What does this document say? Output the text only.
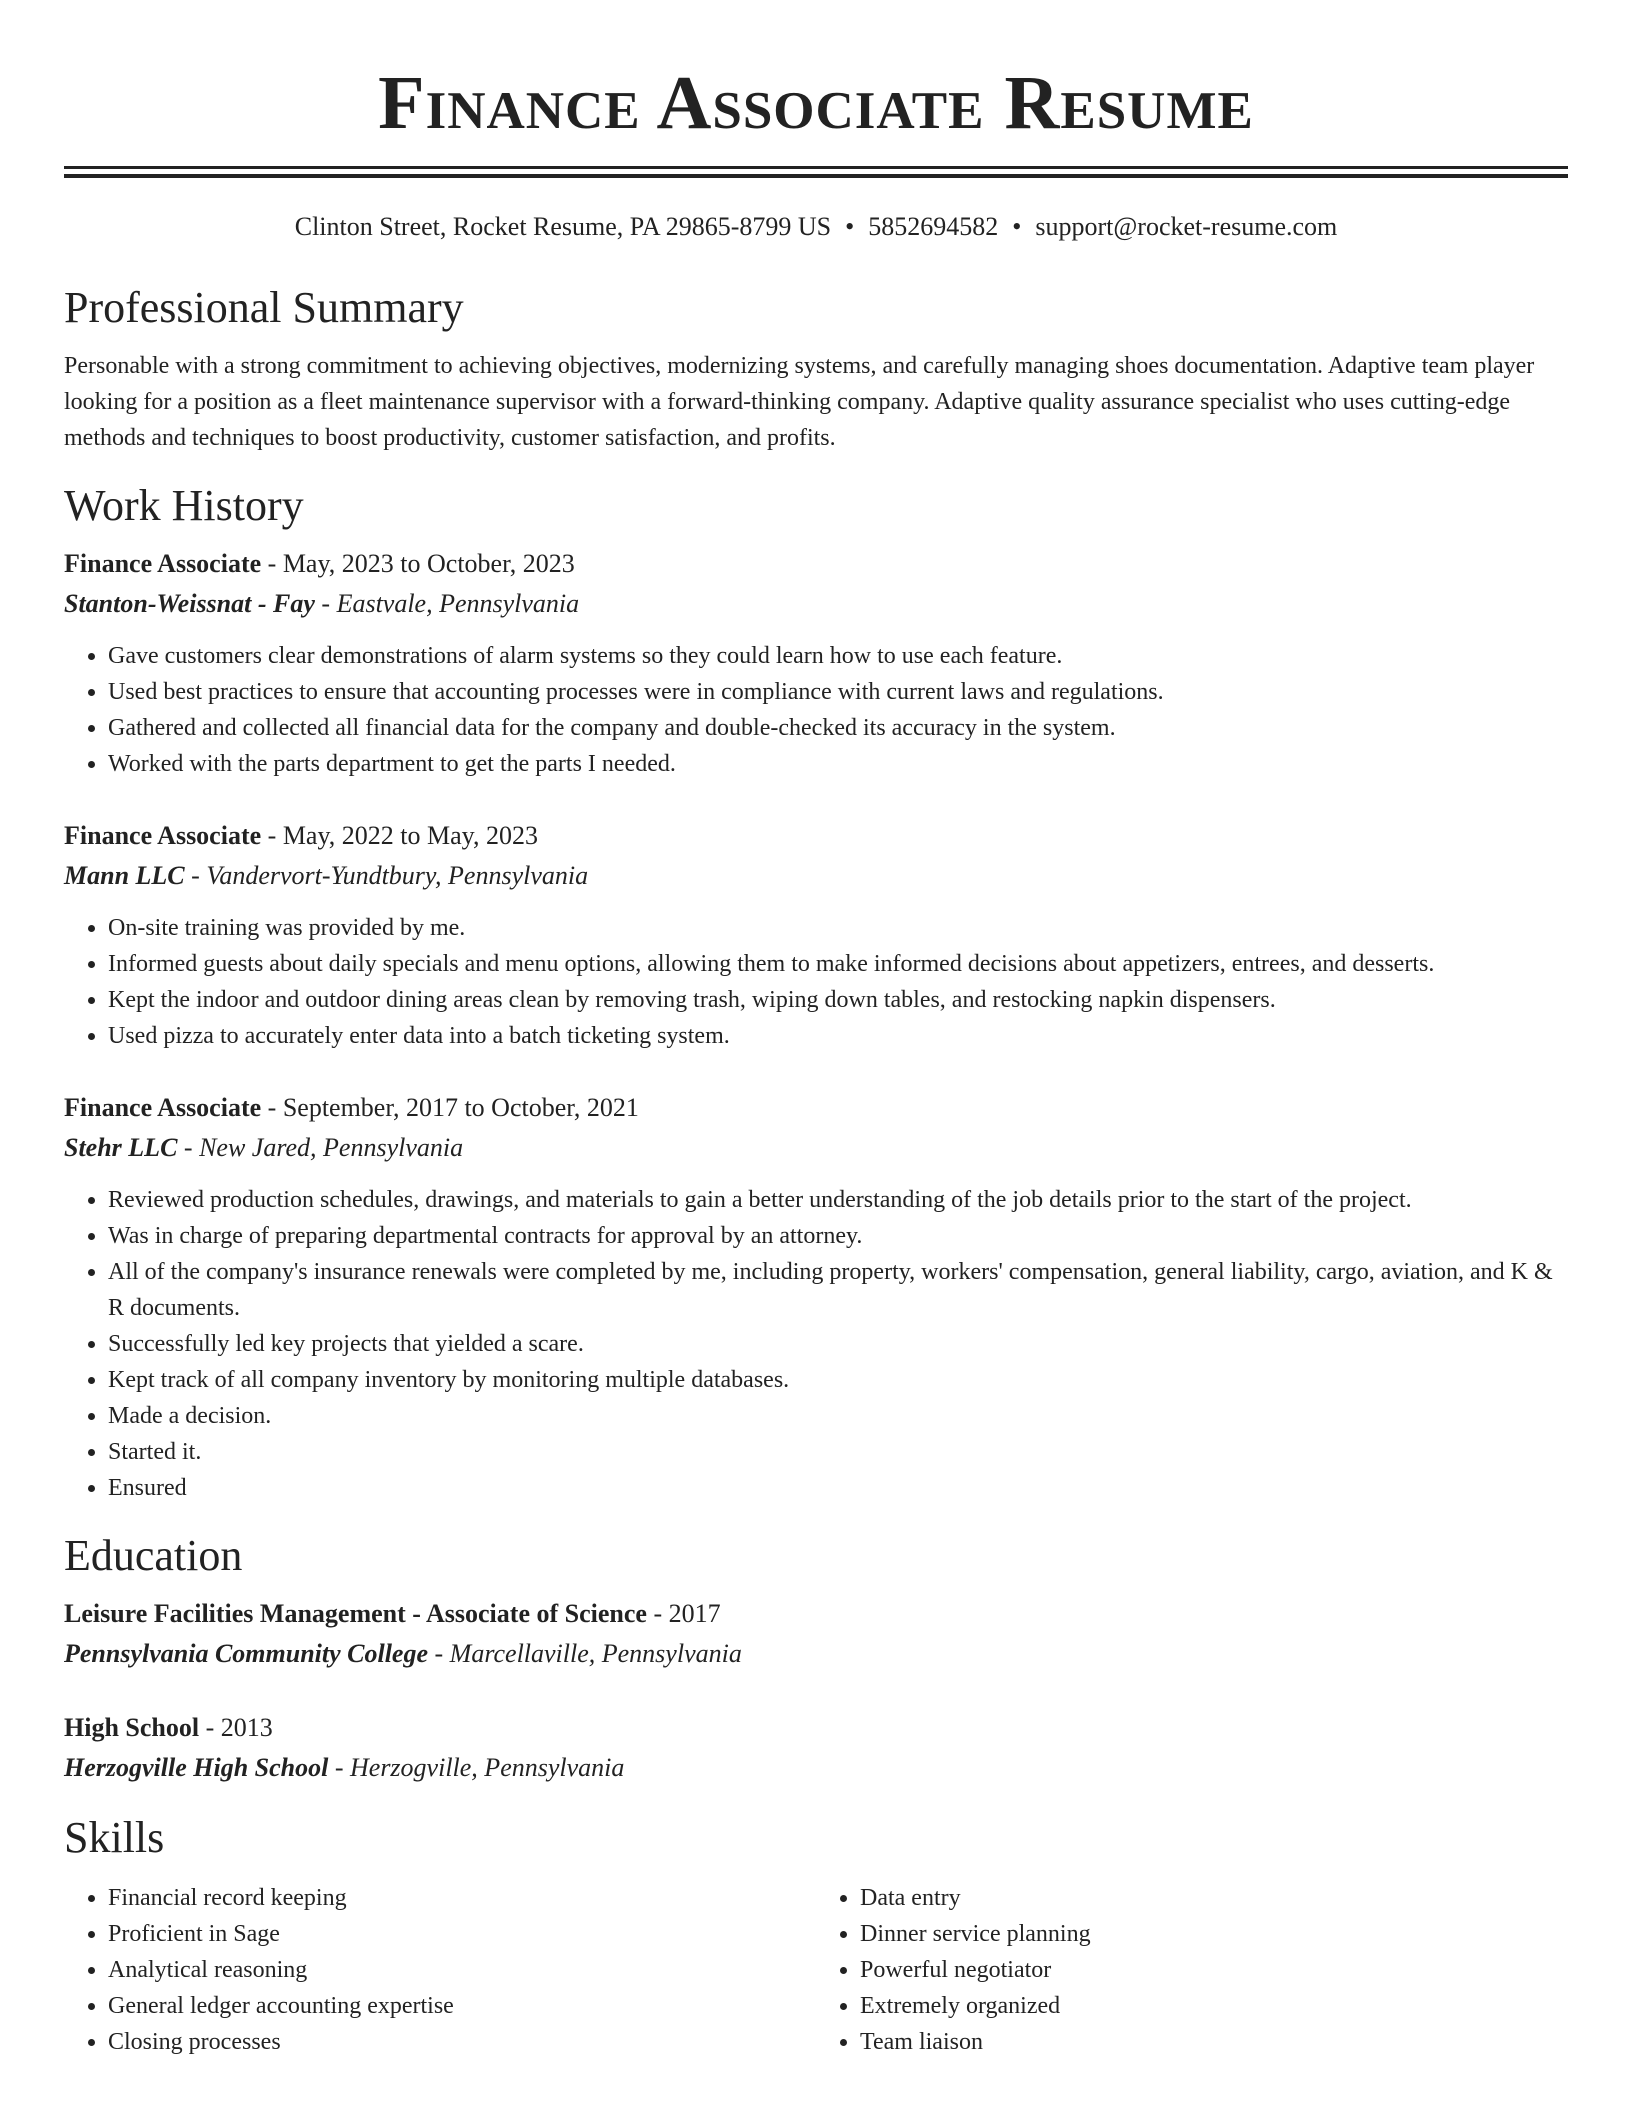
Finance Associate Resume
Clinton Street, Rocket Resume, PA 29865-8799 US • 5852694582 • support@rocket-resume.com
Professional Summary

Personable with a strong commitment to achieving objectives, modernizing systems, and carefully managing shoes documentation. Adaptive team player looking for a position as a fleet maintenance supervisor with a forward-thinking company. Adaptive quality assurance specialist who uses cutting-edge methods and techniques to boost productivity, customer satisfaction, and profits.

Work History
Finance Associate - May, 2023 to October, 2023
Stanton-Weissnat - Fay - Eastvale, Pennsylvania
• Gave customers clear demonstrations of alarm systems so they could learn how to use each feature.
• Used best practices to ensure that accounting processes were in compliance with current laws and regulations.
• Gathered and collected all financial data for the company and double-checked its accuracy in the system.
• Worked with the parts department to get the parts I needed.
Finance Associate - May, 2022 to May, 2023
Mann LLC - Vandervort-Yundtbury, Pennsylvania
• On-site training was provided by me.
• Informed guests about daily specials and menu options, allowing them to make informed decisions about appetizers, entrees, and desserts.
• Kept the indoor and outdoor dining areas clean by removing trash, wiping down tables, and restocking napkin dispensers.
• Used pizza to accurately enter data into a batch ticketing system.
Finance Associate - September, 2017 to October, 2021
Stehr LLC - New Jared, Pennsylvania
• Reviewed production schedules, drawings, and materials to gain a better understanding of the job details prior to the start of the project.
• Was in charge of preparing departmental contracts for approval by an attorney.
• All of the company's insurance renewals were completed by me, including property, workers' compensation, general liability, cargo, aviation, and K & R documents.
• Successfully led key projects that yielded a scare.
• Kept track of all company inventory by monitoring multiple databases.
• Made a decision.
• Started it.
• Ensured
Education
Leisure Facilities Management - Associate of Science - 2017
Pennsylvania Community College - Marcellaville, Pennsylvania
High School - 2013
Herzogville High School - Herzogville, Pennsylvania
Skills
• Financial record keeping
• Proficient in Sage
• Analytical reasoning
• General ledger accounting expertise
• Closing processes
• Data entry
• Dinner service planning
• Powerful negotiator
• Extremely organized
• Team liaison
